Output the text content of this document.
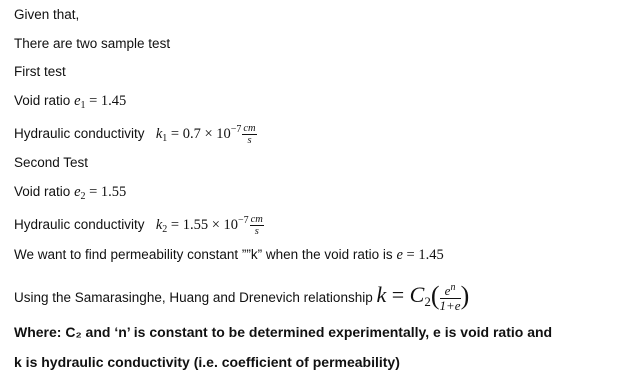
Given that,
There are two sample test
First test
Void ratio $e_1 = 1.45$
Hydraulic conductivity $k_1 = 0.7 \times 10^{-7} \frac{cm}{s}$
Second Test
Void ratio $e_2 = 1.55$
Hydraulic conductivity $k_2 = 1.55 \times 10^{-7} \frac{cm}{s}$
We want to find permeability constant ””k” when the void ratio is e = 1.45
Using the Samarasinghe, Huang and Drenevich relationship $k = C_2( \frac{e^n}{1+e}$ )
Where: C₂ and ‘n’ is constant to be determined experimentally, e is void ratio and
k is hydraulic conductivity (i.e. coefficient of permeability)
